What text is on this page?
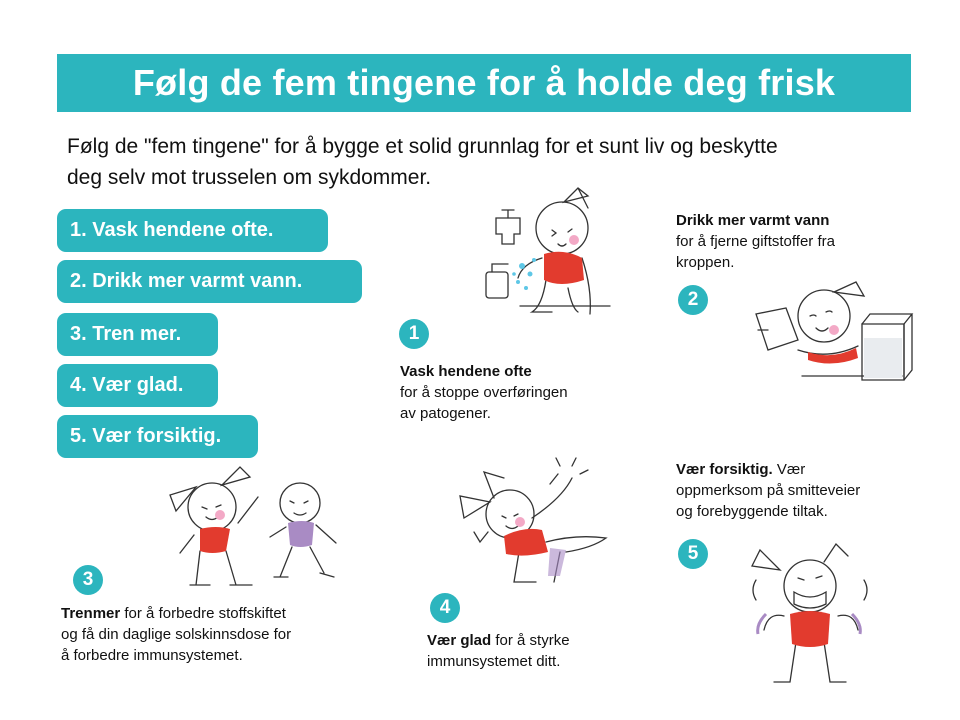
Følg de fem tingene for å holde deg frisk
Følg de "fem tingene" for å bygge et solid grunnlag for et sunt liv og beskytte
deg selv mot trusselen om sykdommer.
1. Vask hendene ofte.
2. Drikk mer varmt vann.
3. Tren mer.
4. Vær glad.
5. Vær forsiktig.
1
Vask hendene ofte
for å stoppe overføringen
av patogener.
Drikk mer varmt vann
for å fjerne giftstoffer fra
kroppen.
2
3
Trenmer for å forbedre stoffskiftet
og få din daglige solskinnsdose for
å forbedre immunsystemet.
4
Vær glad for å styrke
immunsystemet ditt.
Vær forsiktig. Vær
oppmerksom på smitteveier
og forebyggende tiltak.
5
